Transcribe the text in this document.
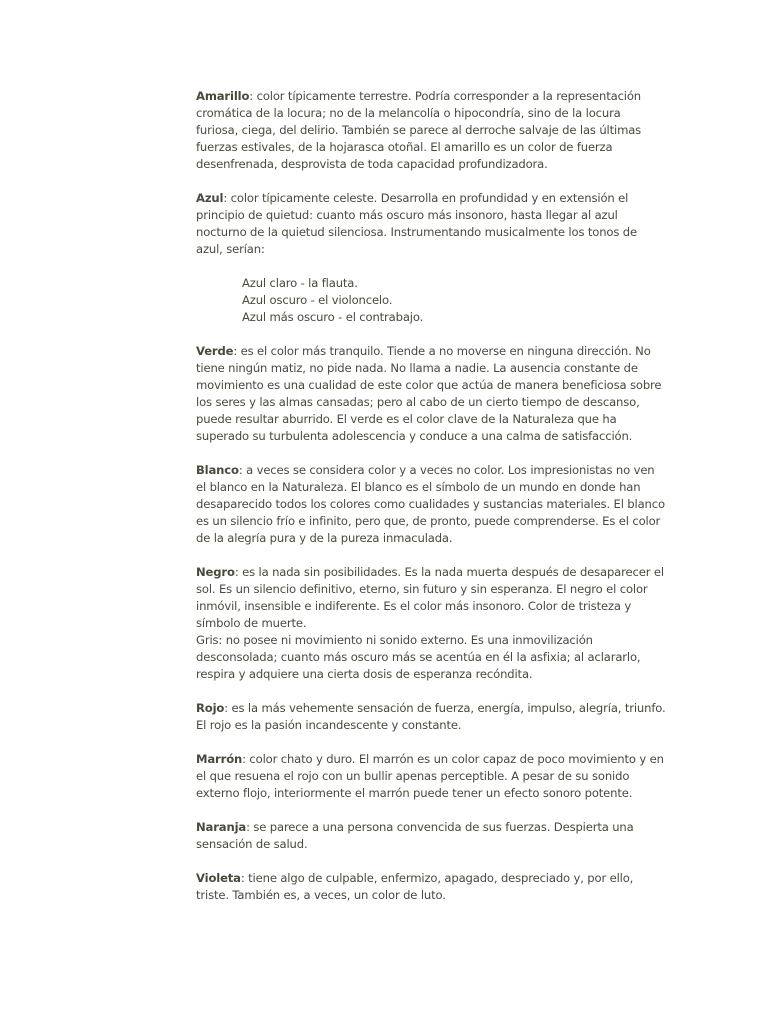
Amarillo: color típicamente terrestre. Podría corresponder a la representación cromática de la locura; no de la melancolía o hipocondría, sino de la locura furiosa, ciega, del delirio. También se parece al derroche salvaje de las últimas fuerzas estivales, de la hojarasca otoñal. El amarillo es un color de fuerza desenfrenada, desprovista de toda capacidad profundizadora.

Azul: color típicamente celeste. Desarrolla en profundidad y en extensión el principio de quietud: cuanto más oscuro más insonoro, hasta llegar al azul nocturno de la quietud silenciosa. Instrumentando musicalmente los tonos de azul, serían:

Azul claro - la flauta.
Azul oscuro - el violoncelo.
Azul más oscuro - el contrabajo.

Verde: es el color más tranquilo. Tiende a no moverse en ninguna dirección. No tiene ningún matiz, no pide nada. No llama a nadie. La ausencia constante de movimiento es una cualidad de este color que actúa de manera beneficiosa sobre los seres y las almas cansadas; pero al cabo de un cierto tiempo de descanso, puede resultar aburrido. El verde es el color clave de la Naturaleza que ha superado su turbulenta adolescencia y conduce a una calma de satisfacción.

Blanco: a veces se considera color y a veces no color. Los impresionistas no ven el blanco en la Naturaleza. El blanco es el símbolo de un mundo en donde han desaparecido todos los colores como cualidades y sustancias materiales. El blanco es un silencio frío e infinito, pero que, de pronto, puede comprenderse. Es el color de la alegría pura y de la pureza inmaculada.

Negro: es la nada sin posibilidades. Es la nada muerta después de desaparecer el sol. Es un silencio definitivo, eterno, sin futuro y sin esperanza. El negro el color inmóvil, insensible e indiferente. Es el color más insonoro. Color de tristeza y símbolo de muerte.

Gris: no posee ni movimiento ni sonido externo. Es una inmovilización desconsolada; cuanto más oscuro más se acentúa en él la asfixia; al aclararlo, respira y adquiere una cierta dosis de esperanza recóndita.

Rojo: es la más vehemente sensación de fuerza, energía, impulso, alegría, triunfo. El rojo es la pasión incandescente y constante.

Marrón: color chato y duro. El marrón es un color capaz de poco movimiento y en el que resuena el rojo con un bullir apenas perceptible. A pesar de su sonido externo flojo, interiormente el marrón puede tener un efecto sonoro potente.

Naranja: se parece a una persona convencida de sus fuerzas. Despierta una sensación de salud.

Violeta: tiene algo de culpable, enfermizo, apagado, despreciado y, por ello, triste. También es, a veces, un color de luto.
